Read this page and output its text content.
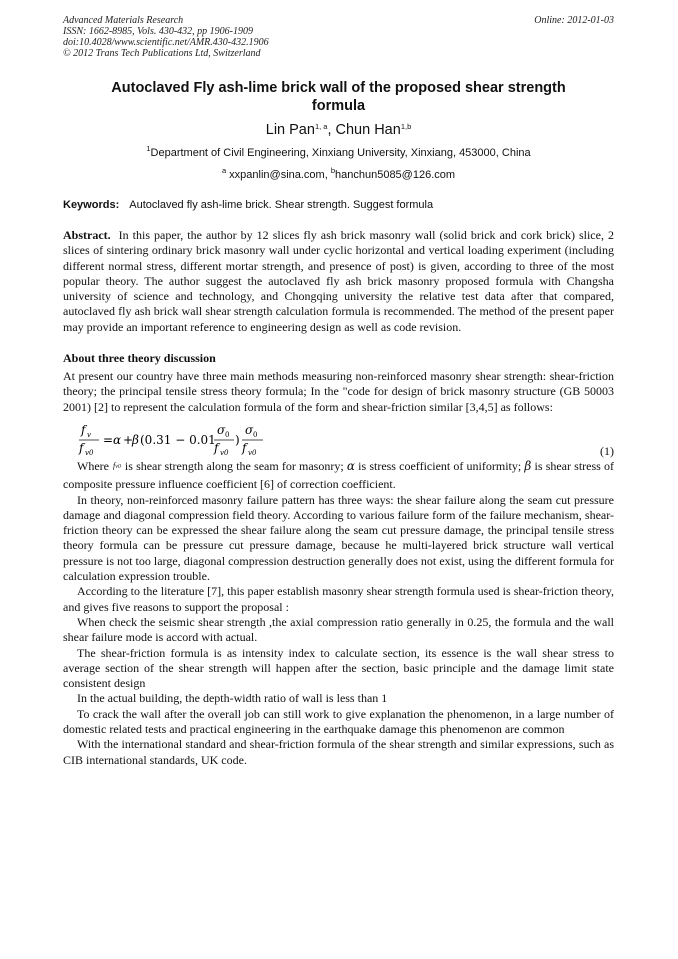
Advanced Materials Research
ISSN: 1662-8985, Vols. 430-432, pp 1906-1909
doi:10.4028/www.scientific.net/AMR.430-432.1906
© 2012 Trans Tech Publications Ltd, Switzerland
Online: 2012-01-03
Autoclaved Fly ash-lime brick wall of the proposed shear strength formula
Lin Pan$^{1, a}$, Chun Han$^{1,b}$
$^1$Department of Civil Engineering, Xinxiang University, Xinxiang, 453000, China
$^a$ xxpanlin@sina.com, $^b$hanchun5085@126.com
Keywords: Autoclaved fly ash-lime brick. Shear strength. Suggest formula

Abstract. In this paper, the author by 12 slices fly ash brick masonry wall (solid brick and cork brick) slice, 2 slices of sintering ordinary brick masonry wall under cyclic horizontal and vertical loading experiment (including different normal stress, different mortar strength, and presence of post) is given, according to three of the most popular theory. The author suggest the autoclaved fly ash brick masonry proposed formula with Changsha university of science and technology, and Chongqing university the relative test data after that compared, autoclaved fly ash brick wall shear strength calculation formula is recommended. The method of the present paper may provide an important reference to engineering design as well as code revision.

About three theory discussion

At present our country have three main methods measuring non-reinforced masonry shear strength: shear-friction theory; the principal tensile stress theory formula; In the "code for design of brick masonry structure (GB 50003 2001) [2] to represent the calculation formula of the form and shear-friction similar [3,4,5] as follows:

f v
f v0
= α +
β (0.31 − 0.01
σ 0
f v0
)
σ 0
f v0	(1)

Where fv0 is shear strength along the seam for masonry; α is stress coefficient of uniformity; β is shear stress of composite pressure influence coefficient [6] of correction coefficient.

In theory, non-reinforced masonry failure pattern has three ways: the shear failure along the seam cut pressure damage and diagonal compression field theory. According to various failure form of the failure mechanism, shear-friction theory can be expressed the shear failure along the seam cut pressure damage, the principal tensile stress theory formula can be pressure cut pressure damage, because he multi-layered brick structure wall vertical pressure is not too large, diagonal compression destruction generally does not exist, using the different formula for calculation expression trouble.

According to the literature [7], this paper establish masonry shear strength formula used is shear-friction theory, and gives five reasons to support the proposal :

When check the seismic shear strength ,the axial compression ratio generally in 0.25, the formula and the wall shear failure mode is accord with actual.

The shear-friction formula is as intensity index to calculate section, its essence is the wall shear stress to average section of the shear strength will happen after the section, basic principle and the damage limit state consistent design

In the actual building, the depth-width ratio of wall is less than 1

To crack the wall after the overall job can still work to give explanation the phenomenon, in a large number of domestic related tests and practical engineering in the earthquake damage this phenomenon are common

With the international standard and shear-friction formula of the shear strength and similar expressions, such as CIB international standards, UK code.
